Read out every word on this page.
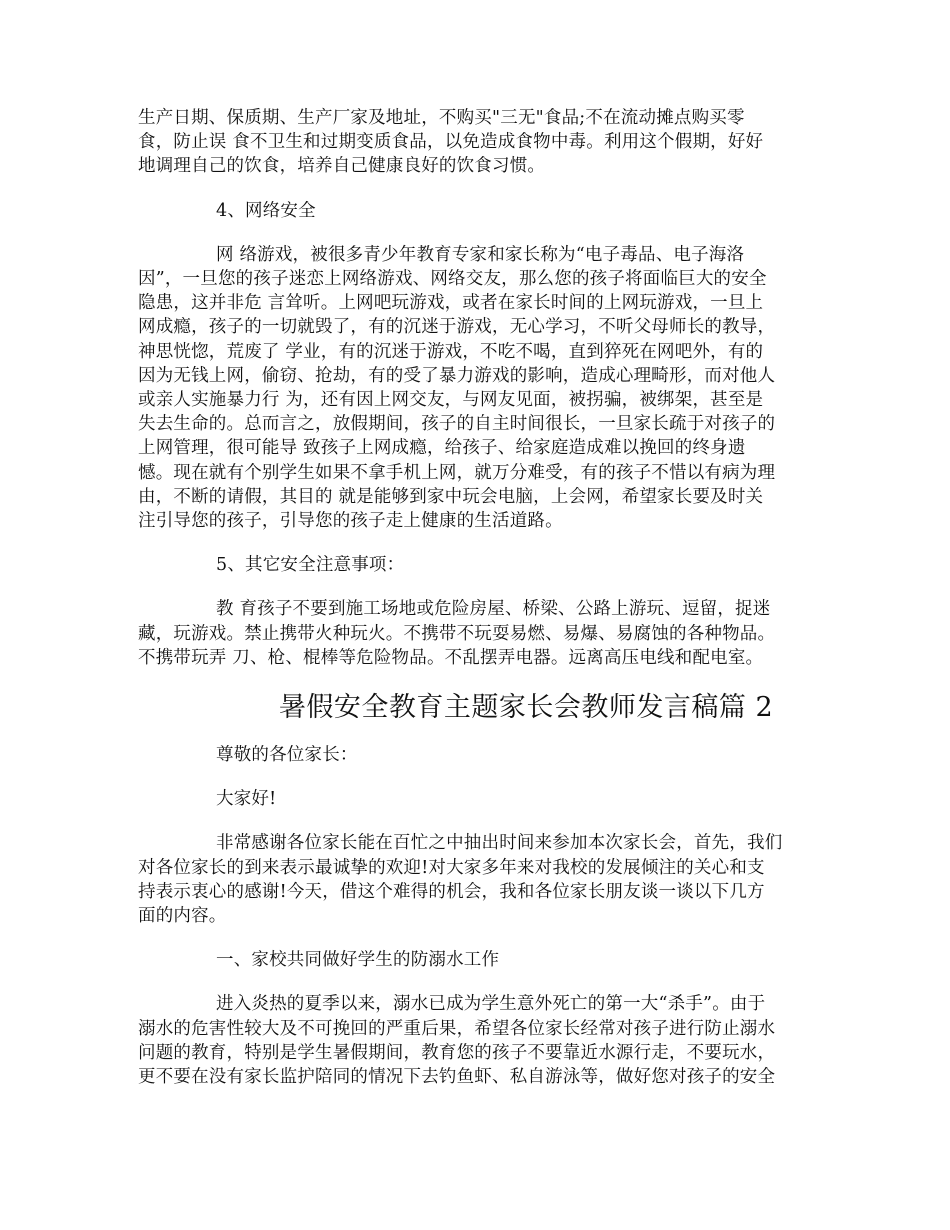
生产日期、保质期、生产厂家及地址，不购买"三无"食品;不在流动摊点购买零
食，防止误 食不卫生和过期变质食品，以免造成食物中毒。利用这个假期，好好
地调理自己的饮食，培养自己健康良好的饮食习惯。
4、网络安全
网 络游戏，被很多青少年教育专家和家长称为“电子毒品、电子海洛
因”，一旦您的孩子迷恋上网络游戏、网络交友，那么您的孩子将面临巨大的安全
隐患，这并非危 言耸听。上网吧玩游戏，或者在家长时间的上网玩游戏，一旦上
网成瘾，孩子的一切就毁了，有的沉迷于游戏，无心学习，不听父母师长的教导，
神思恍惚，荒废了 学业，有的沉迷于游戏，不吃不喝，直到猝死在网吧外，有的
因为无钱上网，偷窃、抢劫，有的受了暴力游戏的影响，造成心理畸形，而对他人
或亲人实施暴力行 为，还有因上网交友，与网友见面，被拐骗，被绑架，甚至是
失去生命的。总而言之，放假期间，孩子的自主时间很长，一旦家长疏于对孩子的
上网管理，很可能导 致孩子上网成瘾，给孩子、给家庭造成难以挽回的终身遗
憾。现在就有个别学生如果不拿手机上网，就万分难受，有的孩子不惜以有病为理
由，不断的请假，其目的 就是能够到家中玩会电脑，上会网，希望家长要及时关
注引导您的孩子，引导您的孩子走上健康的生活道路。
5、其它安全注意事项：
教 育孩子不要到施工场地或危险房屋、桥梁、公路上游玩、逗留，捉迷
藏，玩游戏。禁止携带火种玩火。不携带不玩耍易燃、易爆、易腐蚀的各种物品。
不携带玩弄 刀、枪、棍棒等危险物品。不乱摆弄电器。远离高压电线和配电室。
暑假安全教育主题家长会教师发言稿篇 2
尊敬的各位家长：
大家好!
非常感谢各位家长能在百忙之中抽出时间来参加本次家长会，首先，我们
对各位家长的到来表示最诚挚的欢迎!对大家多年来对我校的发展倾注的关心和支
持表示衷心的感谢!今天，借这个难得的机会，我和各位家长朋友谈一谈以下几方
面的内容。
一、家校共同做好学生的防溺水工作
进入炎热的夏季以来，溺水已成为学生意外死亡的第一大“杀手”。由于
溺水的危害性较大及不可挽回的严重后果，希望各位家长经常对孩子进行防止溺水
问题的教育，特别是学生暑假期间，教育您的孩子不要靠近水源行走，不要玩水，
更不要在没有家长监护陪同的情况下去钓鱼虾、私自游泳等，做好您对孩子的安全
